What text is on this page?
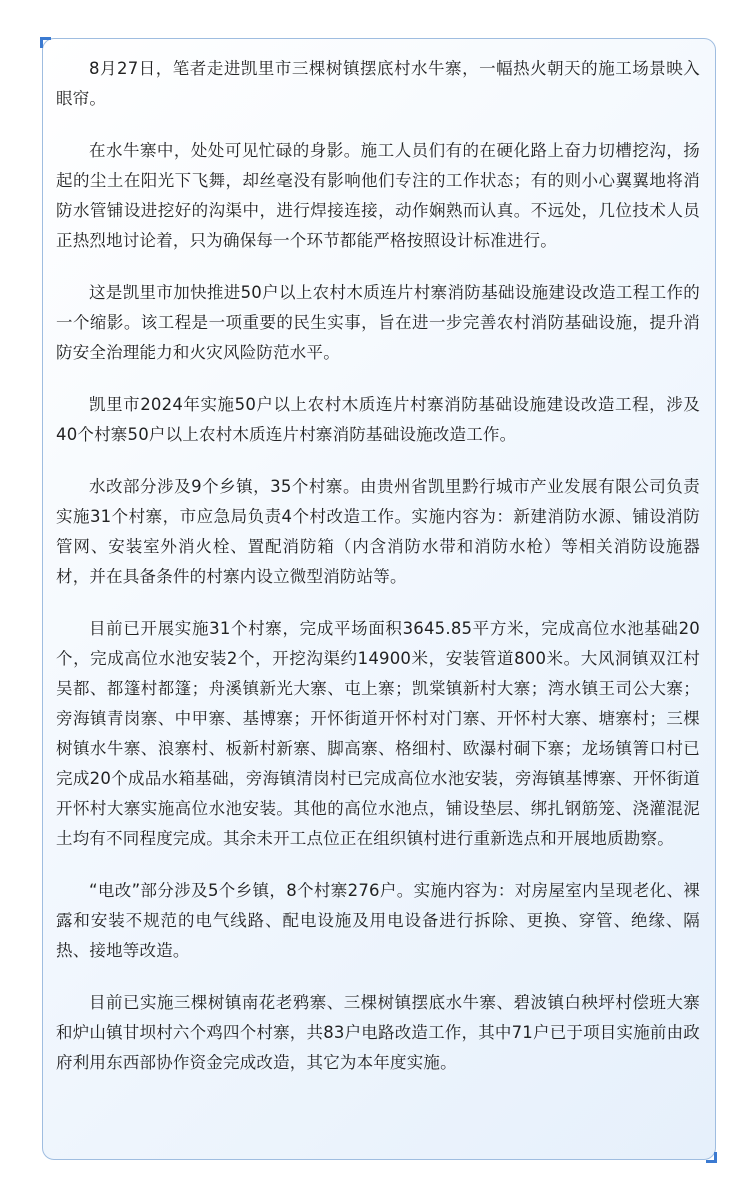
8月27日，笔者走进凯里市三棵树镇摆底村水牛寨，一幅热火朝天的施工场景映入眼帘。

在水牛寨中，处处可见忙碌的身影。施工人员们有的在硬化路上奋力切槽挖沟，扬起的尘土在阳光下飞舞，却丝毫没有影响他们专注的工作状态；有的则小心翼翼地将消防水管铺设进挖好的沟渠中，进行焊接连接，动作娴熟而认真。不远处，几位技术人员正热烈地讨论着，只为确保每一个环节都能严格按照设计标准进行。

这是凯里市加快推进50户以上农村木质连片村寨消防基础设施建设改造工程工作的一个缩影。该工程是一项重要的民生实事，旨在进一步完善农村消防基础设施，提升消防安全治理能力和火灾风险防范水平。

凯里市2024年实施50户以上农村木质连片村寨消防基础设施建设改造工程，涉及40个村寨50户以上农村木质连片村寨消防基础设施改造工作。

水改部分涉及9个乡镇，35个村寨。由贵州省凯里黔行城市产业发展有限公司负责实施31个村寨，市应急局负责4个村改造工作。实施内容为：新建消防水源、铺设消防管网、安装室外消火栓、置配消防箱（内含消防水带和消防水枪）等相关消防设施器材，并在具备条件的村寨内设立微型消防站等。

目前已开展实施31个村寨，完成平场面积3645.85平方米，完成高位水池基础20个，完成高位水池安装2个，开挖沟渠约14900米，安装管道800米。大风洞镇双江村吴都、都篷村都篷；舟溪镇新光大寨、屯上寨；凯棠镇新村大寨；湾水镇王司公大寨；旁海镇青岗寨、中甲寨、基博寨；开怀街道开怀村对门寨、开怀村大寨、塘寨村；三棵树镇水牛寨、浪寨村、板新村新寨、脚高寨、格细村、欧瀑村硐下寨；龙场镇箐口村已完成20个成品水箱基础，旁海镇清岗村已完成高位水池安装，旁海镇基博寨、开怀街道开怀村大寨实施高位水池安装。其他的高位水池点，铺设垫层、绑扎钢筋笼、浇灌混泥土均有不同程度完成。其余未开工点位正在组织镇村进行重新选点和开展地质勘察。

“电改”部分涉及5个乡镇，8个村寨276户。实施内容为：对房屋室内呈现老化、裸露和安装不规范的电气线路、配电设施及用电设备进行拆除、更换、穿管、绝缘、隔热、接地等改造。

目前已实施三棵树镇南花老鸦寨、三棵树镇摆底水牛寨、碧波镇白秧坪村偿班大寨和炉山镇甘坝村六个鸡四个村寨，共83户电路改造工作，其中71户已于项目实施前由政府利用东西部协作资金完成改造，其它为本年度实施。
